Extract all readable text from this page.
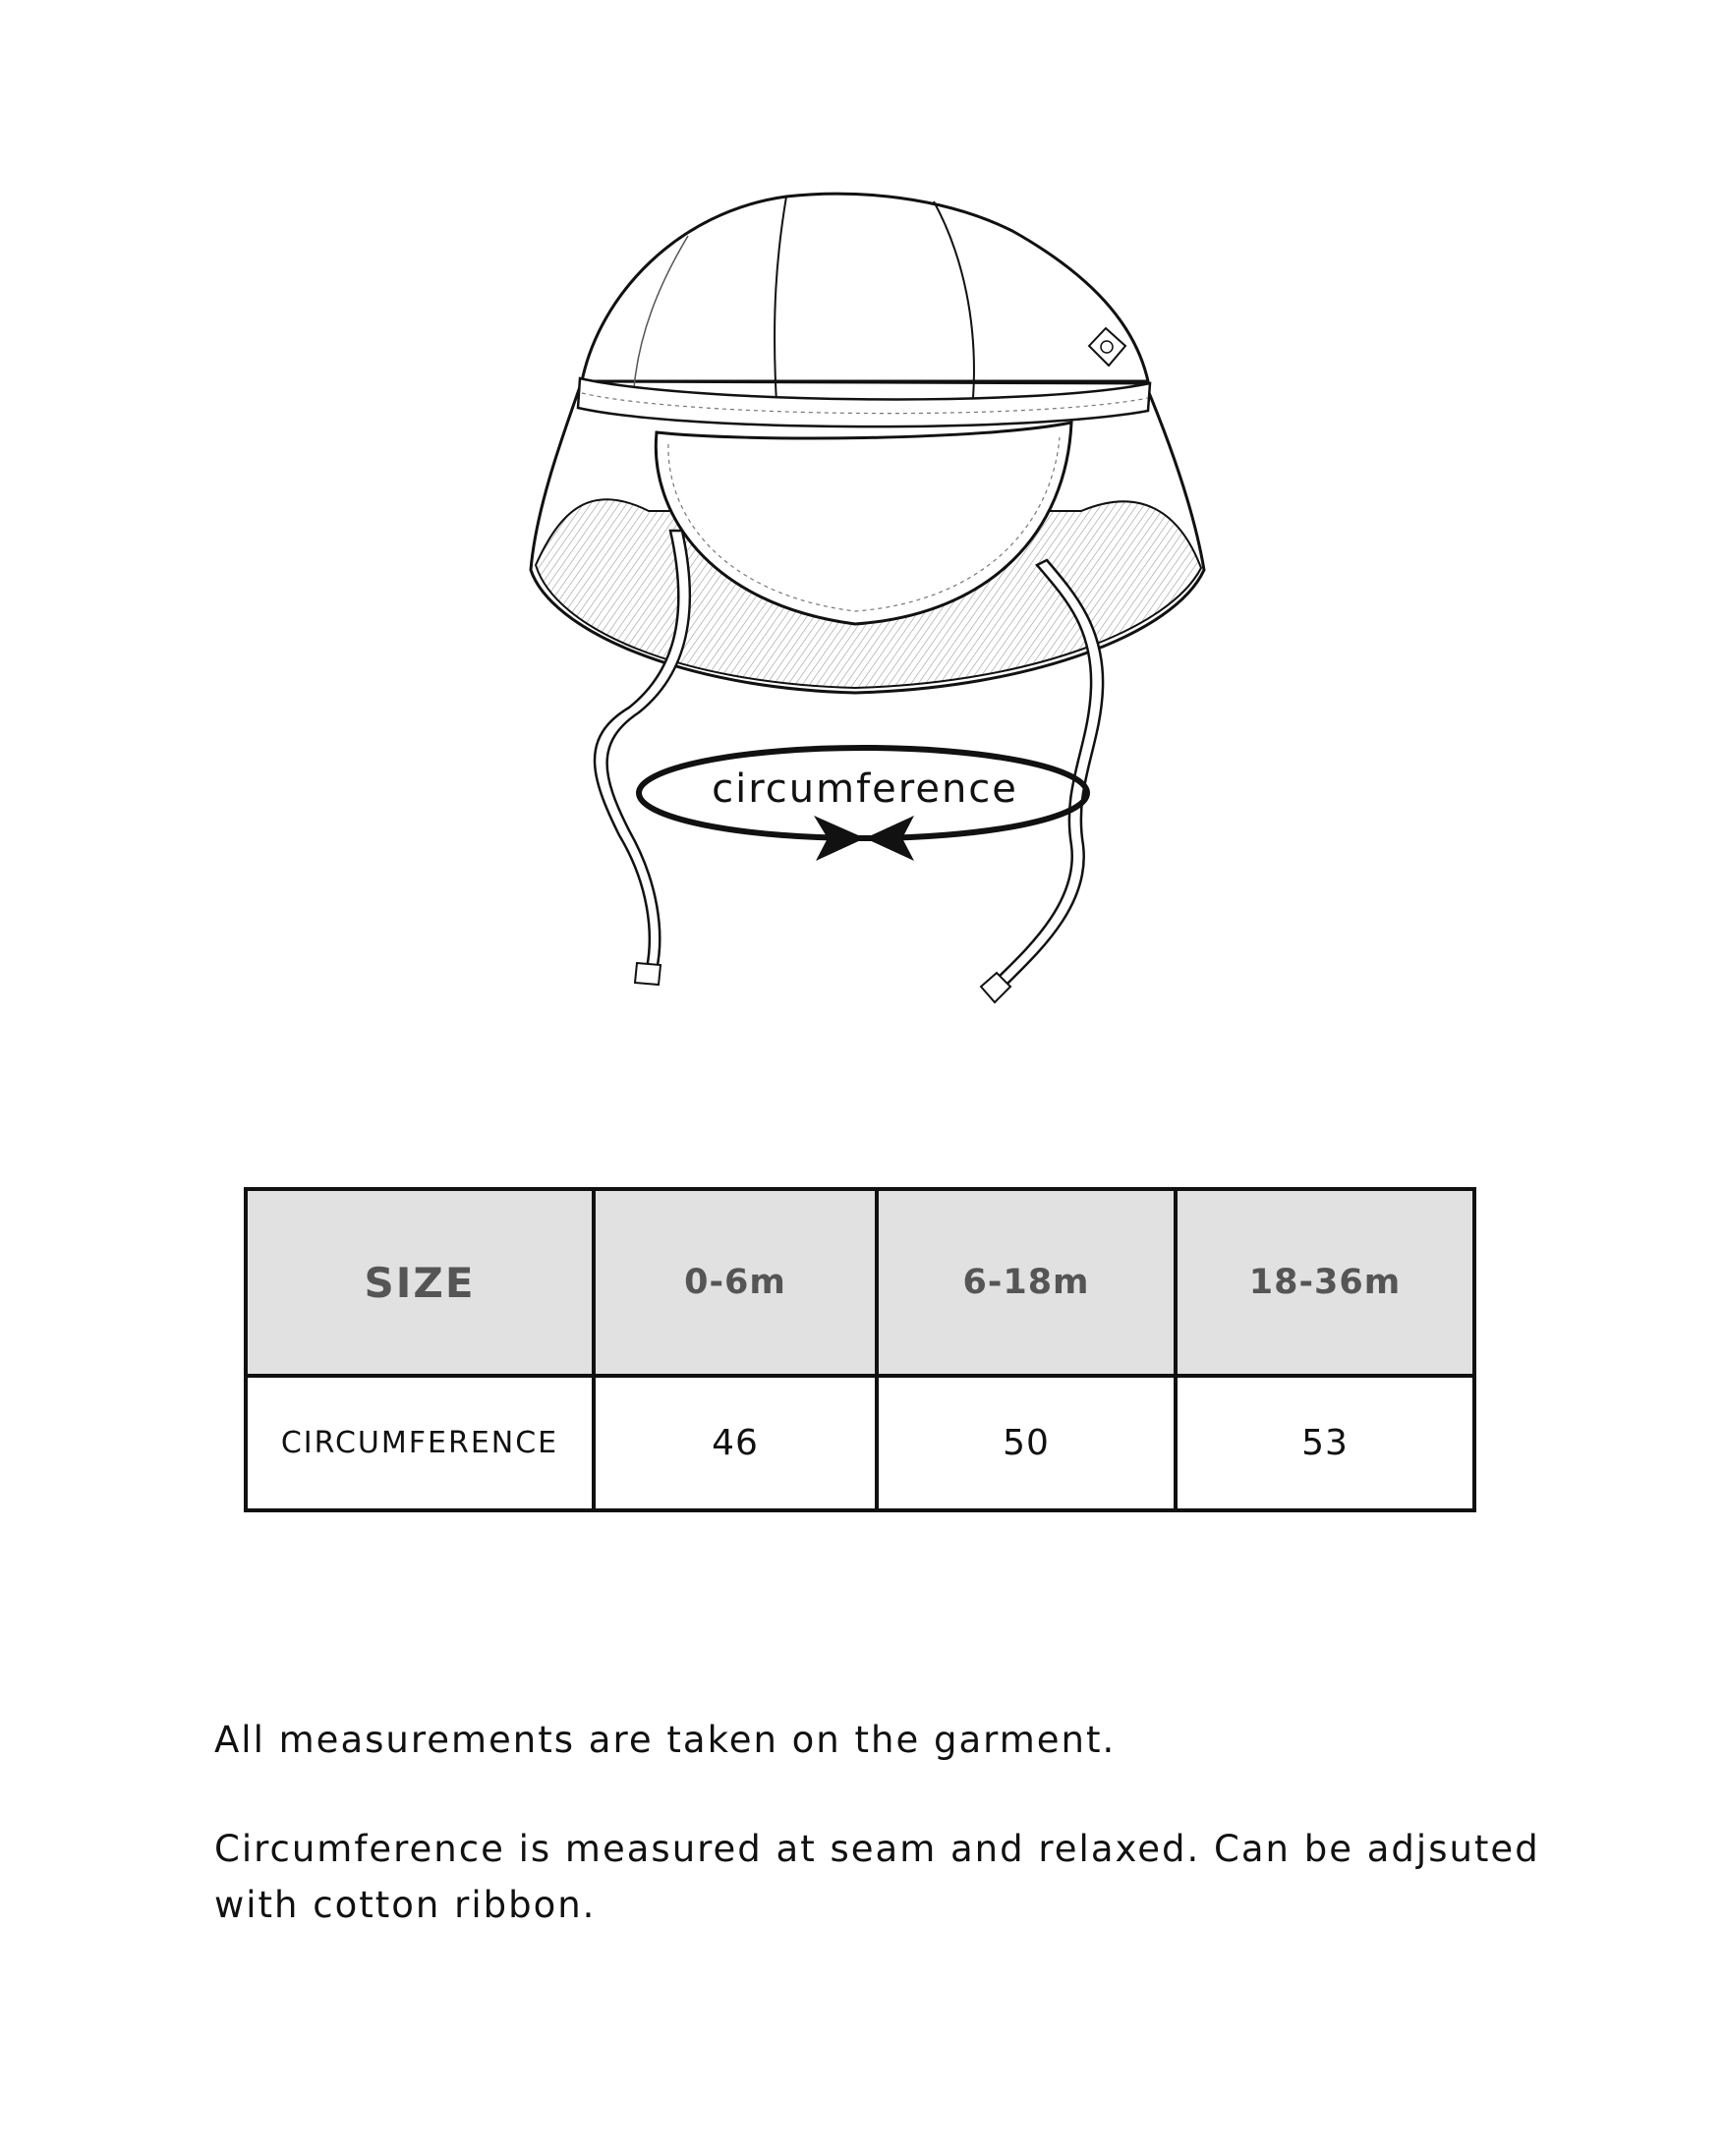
circumference
SIZE	0-6m	6-18m	18-36m
CIRCUMFERENCE	46	50	53

All measurements are taken on the garment.

Circumference is measured at seam and relaxed. Can be adjsuted with cotton ribbon.
